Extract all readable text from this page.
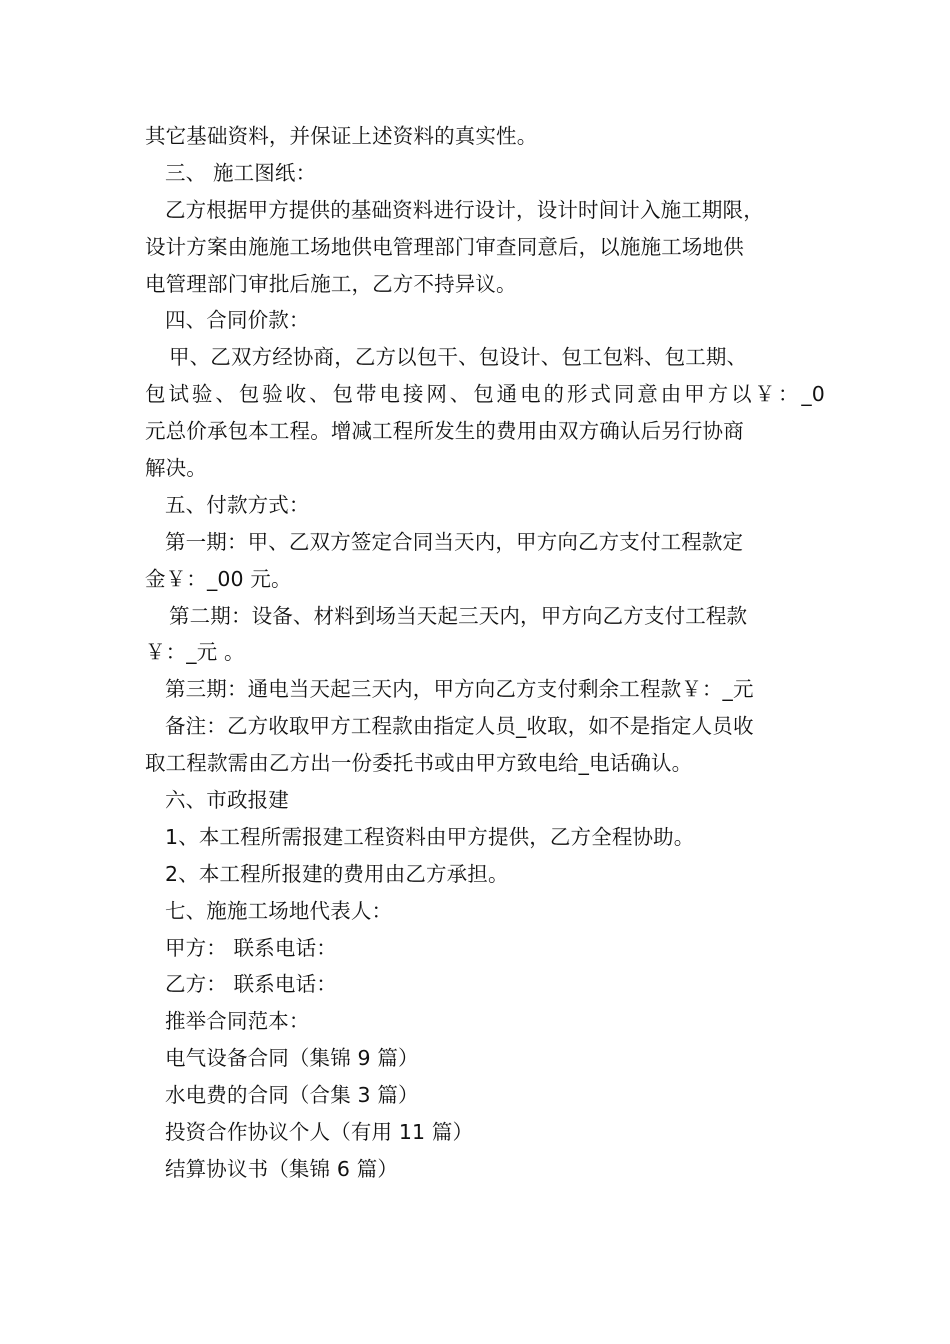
其它基础资料，并保证上述资料的真实性。
三、 施工图纸：
乙方根据甲方提供的基础资料进行设计，设计时间计入施工期限，
设计方案由施施工场地供电管理部门审查同意后，以施施工场地供
电管理部门审批后施工，乙方不持异议。
四、合同价款：
甲、乙双方经协商，乙方以包干、包设计、包工包料、包工期、
包试验、包验收、包带电接网、包通电的形式同意由甲方以￥：_0
元总价承包本工程。增减工程所发生的费用由双方确认后另行协商
解决。
五、付款方式：
第一期：甲、乙双方签定合同当天内，甲方向乙方支付工程款定
金￥：_00 元。
第二期：设备、材料到场当天起三天内，甲方向乙方支付工程款
￥：_元 。
第三期：通电当天起三天内，甲方向乙方支付剩余工程款￥：_元
备注：乙方收取甲方工程款由指定人员_收取，如不是指定人员收
取工程款需由乙方出一份委托书或由甲方致电给_电话确认。
六、市政报建
1、本工程所需报建工程资料由甲方提供，乙方全程协助。
2、本工程所报建的费用由乙方承担。
七、施施工场地代表人：
甲方： 联系电话：
乙方： 联系电话：
推举合同范本：
电气设备合同（集锦 9 篇）
水电费的合同（合集 3 篇）
投资合作协议个人（有用 11 篇）
结算协议书（集锦 6 篇）
